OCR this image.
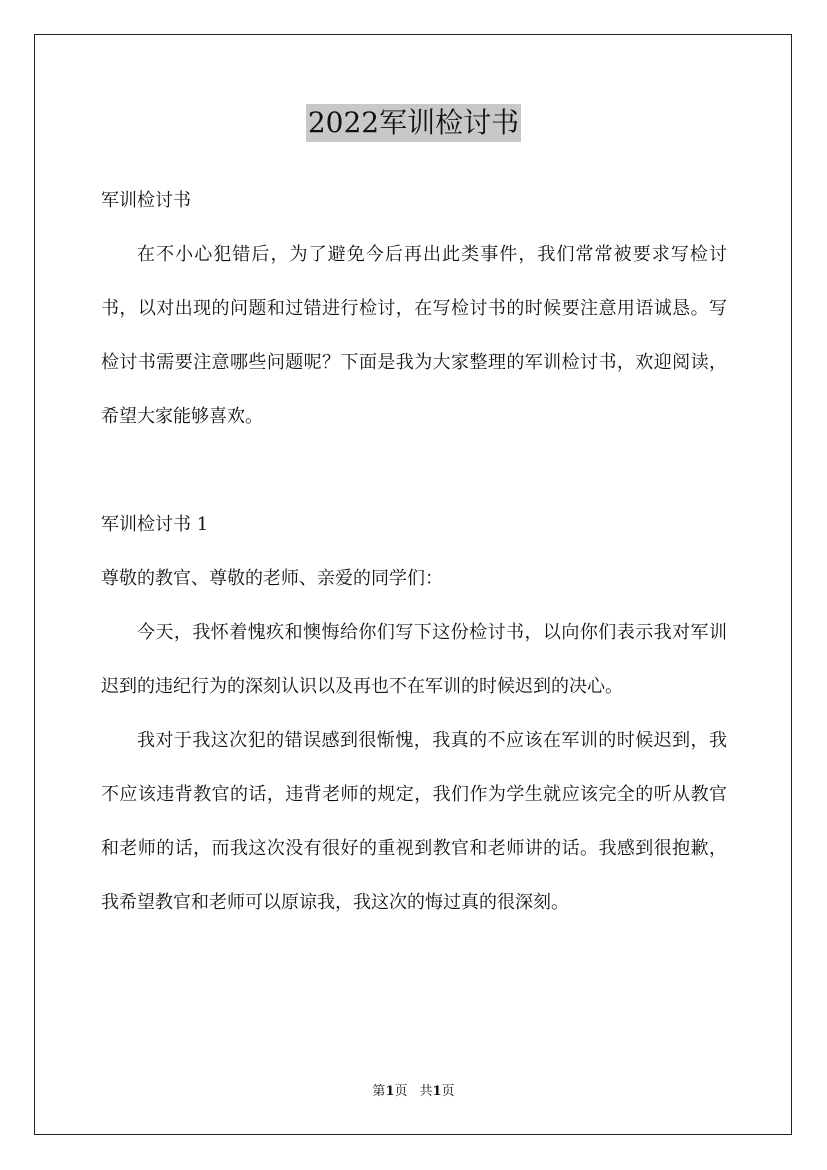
2022军训检讨书

军训检讨书

在不小心犯错后，为了避免今后再出此类事件，我们常常被要求写检讨书，以对出现的问题和过错进行检讨，在写检讨书的时候要注意用语诚恳。写检讨书需要注意哪些问题呢？下面是我为大家整理的军训检讨书，欢迎阅读，希望大家能够喜欢。

军训检讨书 1

尊敬的教官、尊敬的老师、亲爱的同学们：

今天，我怀着愧疚和懊悔给你们写下这份检讨书，以向你们表示我对军训迟到的违纪行为的深刻认识以及再也不在军训的时候迟到的决心。

我对于我这次犯的错误感到很惭愧，我真的不应该在军训的时候迟到，我不应该违背教官的话，违背老师的规定，我们作为学生就应该完全的听从教官和老师的话，而我这次没有很好的重视到教官和老师讲的话。我感到很抱歉，我希望教官和老师可以原谅我，我这次的悔过真的很深刻。

第1页 共1页
